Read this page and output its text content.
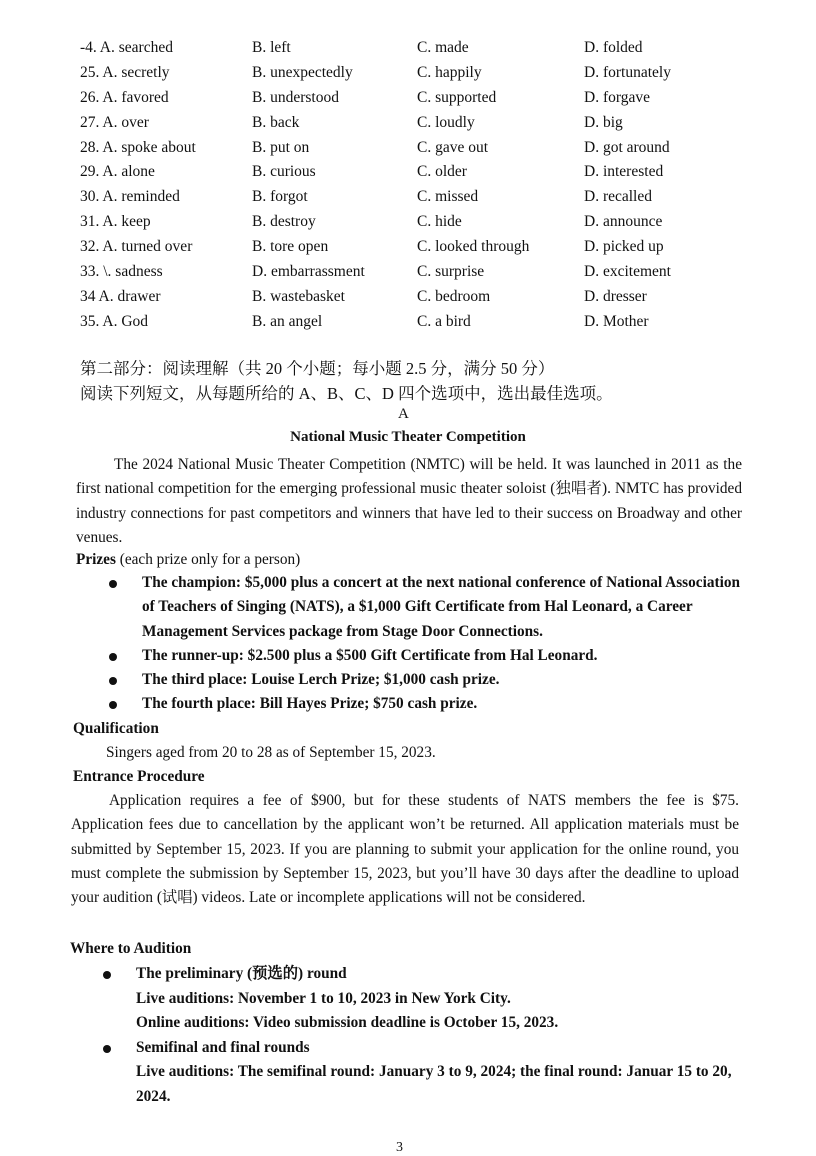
-4. A. searched	B. left	C. made	D. folded
25. A. secretly	B. unexpectedly	C. happily	D. fortunately
26. A. favored	B. understood	C. supported	D. forgave
27. A. over	B. back	C. loudly	D. big
28. A. spoke about	B. put on	C. gave out	D. got around
29. A. alone	B. curious	C. older	D. interested
30. A. reminded	B. forgot	C. missed	D. recalled
31. A. keep	B. destroy	C. hide	D. announce
32. A. turned over	B. tore open	C. looked through	D. picked up
33. \. sadness	D. embarrassment	C. surprise	D. excitement
34 A. drawer	B. wastebasket	C. bedroom	D. dresser
35. A. God	B. an angel	C. a bird	D. Mother
第二部分：阅读理解（共 20 个小题；每小题 2.5 分，满分 50 分）
阅读下列短文，从每题所给的 A、B、C、D 四个选项中，选出最佳选项。
A
National Music Theater Competition
The 2024 National Music Theater Competition (NMTC) will be held. It was launched in 2011 as the first national competition for the emerging professional music theater soloist (独唱者). NMTC has provided industry connections for past competitors and winners that have led to their success on Broadway and other venues.
Prizes (each prize only for a person)
The champion: $5,000 plus a concert at the next national conference of National Association of Teachers of Singing (NATS), a $1,000 Gift Certificate from Hal Leonard, a Career Management Services package from Stage Door Connections.
The runner-up: $2.500 plus a $500 Gift Certificate from Hal Leonard.
The third place: Louise Lerch Prize; $1,000 cash prize.
The fourth place: Bill Hayes Prize; $750 cash prize.
Qualification
Singers aged from 20 to 28 as of September 15, 2023.
Entrance Procedure
Application requires a fee of $900, but for these students of NATS members the fee is $75. Application fees due to cancellation by the applicant won’t be returned. All application materials must be submitted by September 15, 2023. If you are planning to submit your application for the online round, you must complete the submission by September 15, 2023, but you’ll have 30 days after the deadline to upload your audition (试唱) videos. Late or incomplete applications will not be considered.
Where to Audition
The preliminary (预选的) round
Live auditions: November 1 to 10, 2023 in New York City.
Online auditions: Video submission deadline is October 15, 2023.
Semifinal and final rounds
Live auditions: The semifinal round: January 3 to 9, 2024; the final round: Januar 15 to 20, 2024.
3
